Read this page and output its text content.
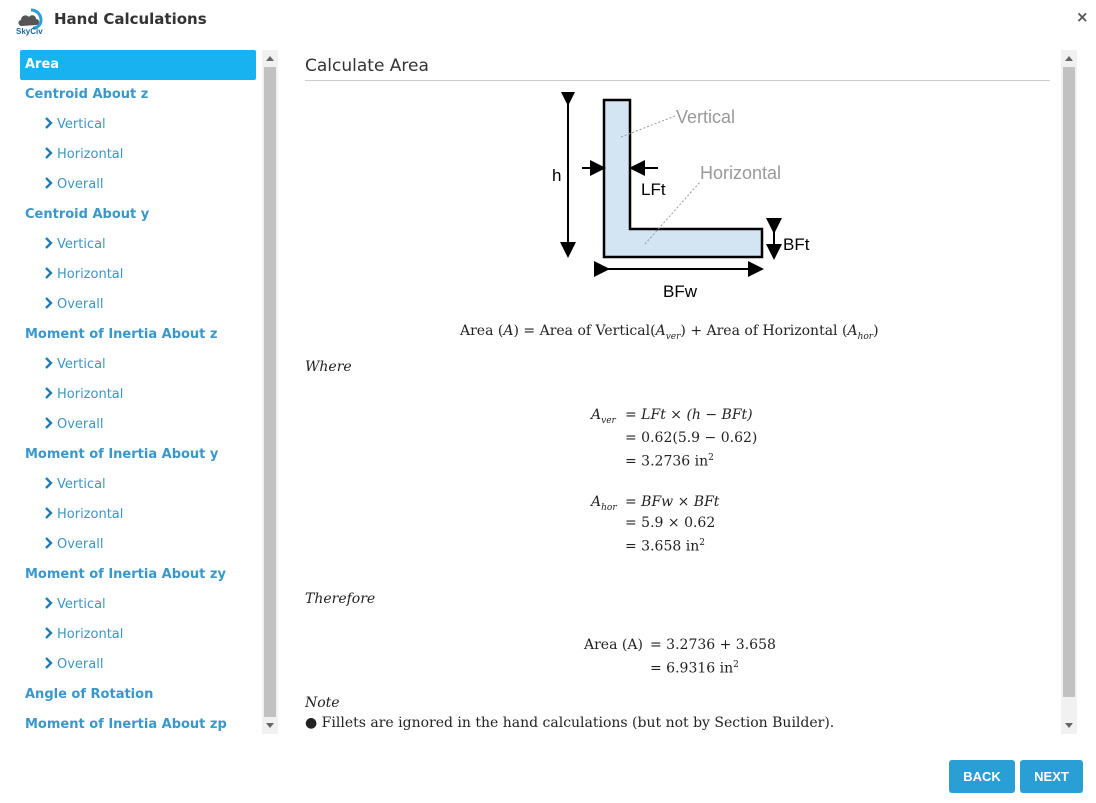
SkyCiv
Hand Calculations	×
Area
Centroid About z
Vertical
Horizontal
Overall
Centroid About y
Vertical
Horizontal
Overall
Moment of Inertia About z
Vertical
Horizontal
Overall
Moment of Inertia About y
Vertical
Horizontal
Overall
Moment of Inertia About zy
Vertical
Horizontal
Overall
Angle of Rotation
Moment of Inertia About zp
Calculate Area
Vertical
Horizontal
h
LFt
BFt
BFw
Area (A) = Area of $Vertical(A_{ver})$ + Area of Horizontal $(A_{hor})$
Where
$A_{ver}$ = LFt × (h − BFt)
= 0.62(5.9 − 0.62)
= 3.2736 $in^2$
$A_{hor}$ = BFw × BFt
= 5.9 × 0.62
= 3.658 $in^2$
Therefore
Area (A) = 3.2736 + 3.658
= 6.9316 $in^2$
Note
● Fillets are ignored in the hand calculations (but not by Section Builder).
BACK	NEXT
